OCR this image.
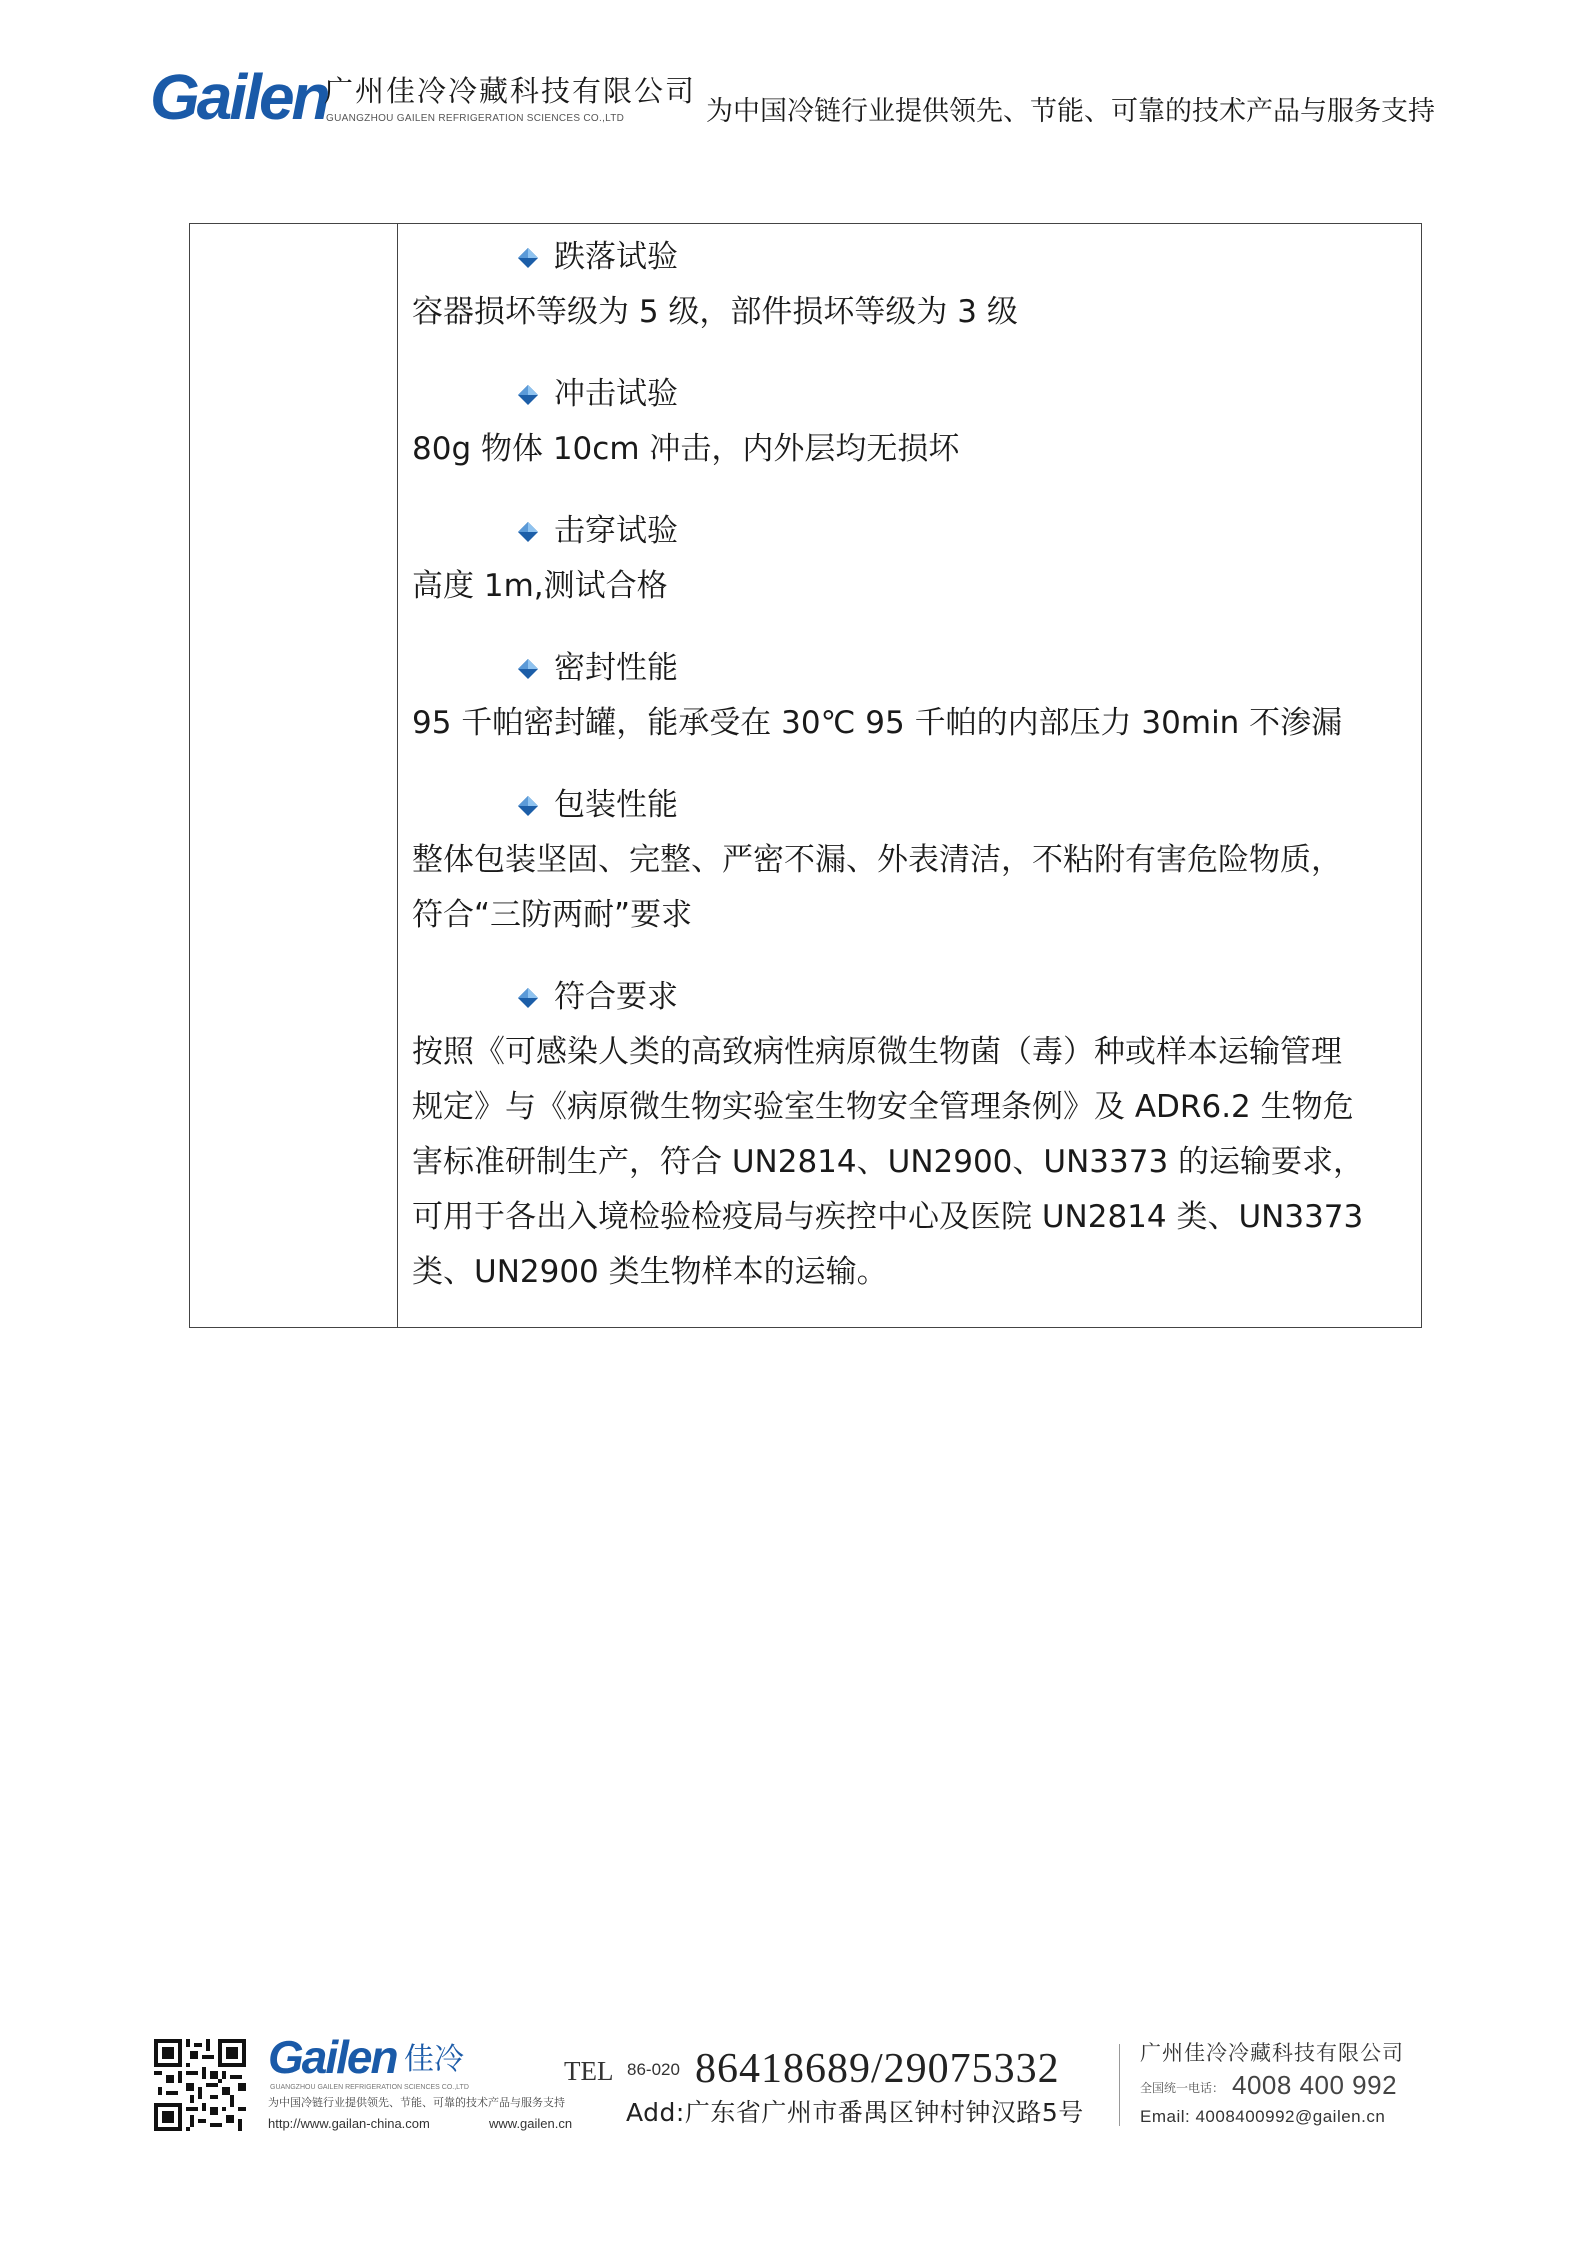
Gailen
广州佳冷冷藏科技有限公司
GUANGZHOU GAILEN REFRIGERATION SCIENCES CO.,LTD	为中国冷链行业提供领先、节能、可靠的技术产品与服务支持
跌落试验
容器损坏等级为 5 级，部件损坏等级为 3 级
冲击试验
80g 物体 10cm 冲击，内外层均无损坏
击穿试验
高度 1m,测试合格
密封性能
95 千帕密封罐，能承受在 30℃ 95 千帕的内部压力 30min 不渗漏
包装性能
整体包装坚固、完整、严密不漏、外表清洁，不粘附有害危险物质，
符合“三防两耐”要求
符合要求
按照《可感染人类的高致病性病原微生物菌（毒）种或样本运输管理
规定》与《病原微生物实验室生物安全管理条例》及 ADR6.2 生物危
害标准研制生产，符合 UN2814、UN2900、UN3373 的运输要求，
可用于各出入境检验检疫局与疾控中心及医院 UN2814 类、UN3373
类、UN2900 类生物样本的运输。
Gailen 佳冷
GUANGZHOU GAILEN REFRIGERATION SCIENCES CO.,LTD
为中国冷链行业提供领先、节能、可靠的技术产品与服务支持
http://www.gailan-china.com	www.gailen.cn
TEL 86-020 86418689/29075332
Add:广东省广州市番禺区钟村钟汉路5号
广州佳冷冷藏科技有限公司
全国统一电话： 4008 400 992
Email: 4008400992@gailen.cn
